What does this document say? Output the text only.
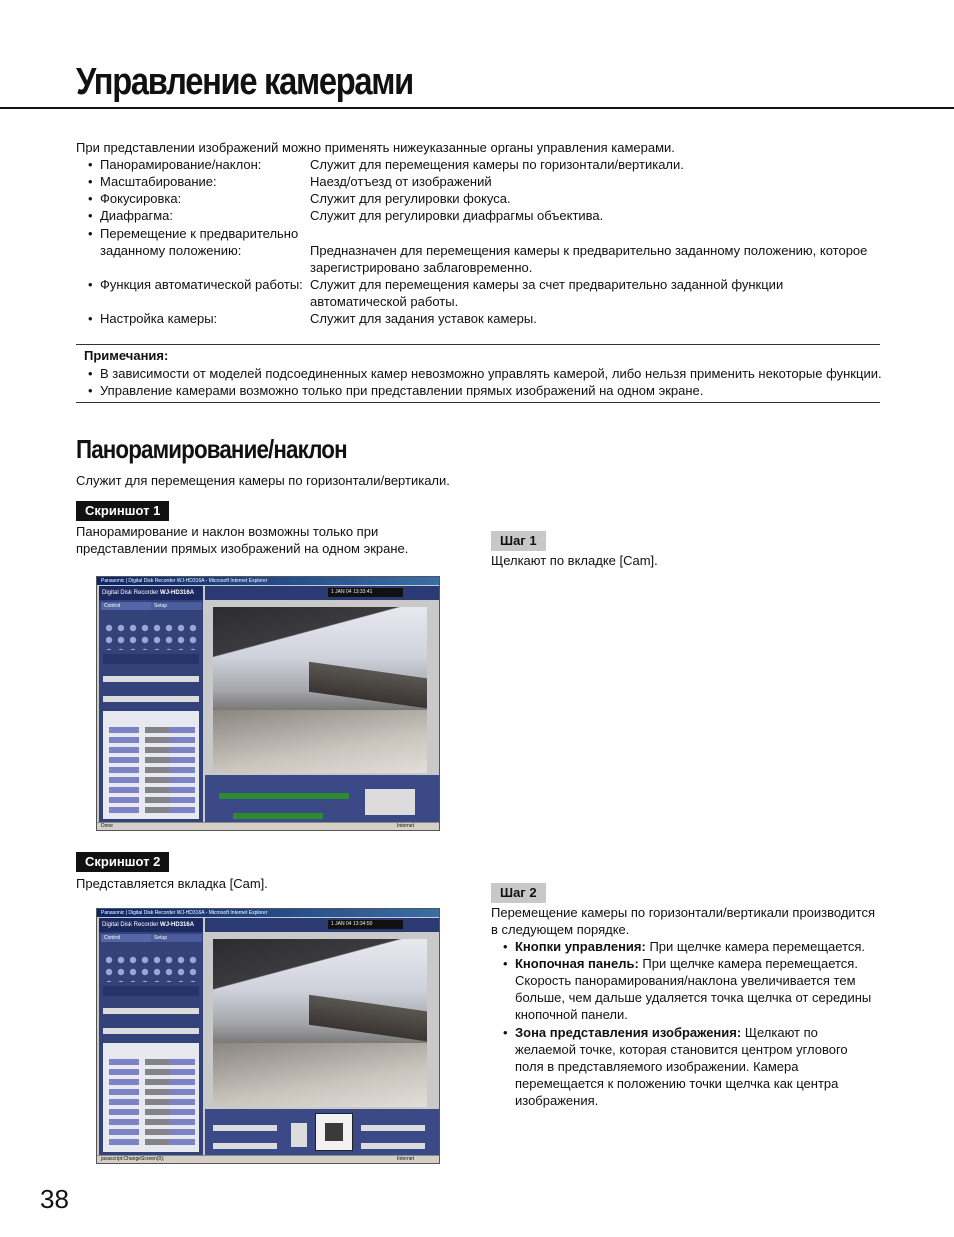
Управление камерами
При представлении изображений можно применять нижеуказанные органы управления камерами.
• Панорамирование/наклон:	Служит для перемещения камеры по горизонтали/вертикали.
• Масштабирование:	Наезд/отъезд от изображений
• Фокусировка:	Служит для регулировки фокуса.
• Диафрагма:	Служит для регулировки диафрагмы объектива.
• Перемещение к предварительно
заданному положению:	Предназначен для перемещения камеры к предварительно заданному положению, которое
зарегистрировано заблаговременно.
• Функция автоматической работы: Служит для перемещения камеры за счет предварительно заданной функции
автоматической работы.
• Настройка камеры:	Служит для задания уставок камеры.
Примечания:
• В зависимости от моделей подсоединенных камер невозможно управлять камерой, либо нельзя применить некоторые функции.
• Управление камерами возможно только при представлении прямых изображений на одном экране.
Панорамирование/наклон
Служит для перемещения камеры по горизонтали/вертикали.
Скриншот 1
Панорамирование и наклон возможны только при
представлении прямых изображений на одном экране.
Panasonic | Digital Disk Recorder WJ-HD316A - Microsoft Internet Explorer
Digital Disk Recorder WJ-HD316A
Control	Setup
1 JAN 04 13:33:41
Done	Internet
Шаг 1
Щелкают по вкладке [Cam].
Скриншот 2
Представляется вкладка [Cam].
Panasonic | Digital Disk Recorder WJ-HD316A - Microsoft Internet Explorer
Digital Disk Recorder WJ-HD316A
Control	Setup
1 JAN 04 13:34:50
javascript:ChangeScreen(0);	Internet
Шаг 2
Перемещение камеры по горизонтали/вертикали производится
в следующем порядке.
• Кнопки управления: При щелчке камера перемещается.
• Кнопочная панель: При щелчке камера перемещается.
Скорость панорамирования/наклона увеличивается тем
больше, чем дальше удаляется точка щелчка от середины
кнопочной панели.
• Зона представления изображения: Щелкают по
желаемой точке, которая становится центром углового
поля в представляемого изображении. Камера
перемещается к положению точки щелчка как центра
изображения.
38
